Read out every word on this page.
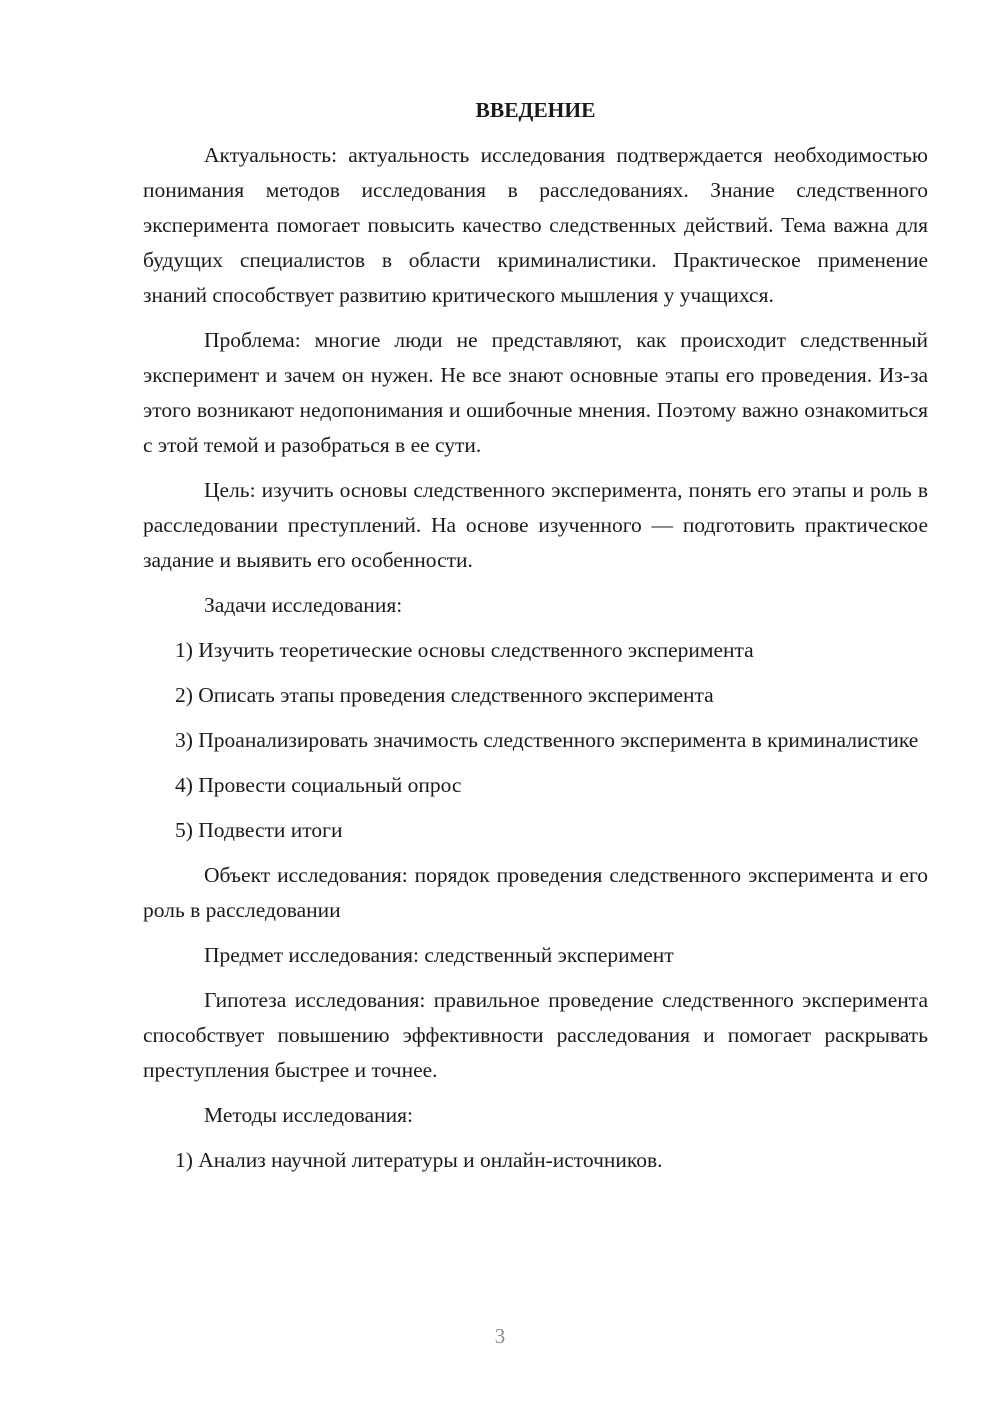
ВВЕДЕНИЕ

Актуальность: актуальность исследования подтверждается необходимостью понимания методов исследования в расследованиях. Знание следственного эксперимента помогает повысить качество следственных действий. Тема важна для будущих специалистов в области криминалистики. Практическое применение знаний способствует развитию критического мышления у учащихся.

Проблема: многие люди не представляют, как происходит следственный эксперимент и зачем он нужен. Не все знают основные этапы его проведения. Из-за этого возникают недопонимания и ошибочные мнения. Поэтому важно ознакомиться с этой темой и разобраться в ее сути.

Цель: изучить основы следственного эксперимента, понять его этапы и роль в расследовании преступлений. На основе изученного — подготовить практическое задание и выявить его особенности.

Задачи исследования:

1) Изучить теоретические основы следственного эксперимента

2) Описать этапы проведения следственного эксперимента

3) Проанализировать значимость следственного эксперимента в криминалистике

4) Провести социальный опрос

5) Подвести итоги

Объект исследования: порядок проведения следственного эксперимента и его роль в расследовании

Предмет исследования: следственный эксперимент

Гипотеза исследования: правильное проведение следственного эксперимента способствует повышению эффективности расследования и помогает раскрывать преступления быстрее и точнее.

Методы исследования:

1) Анализ научной литературы и онлайн-источников.

3
